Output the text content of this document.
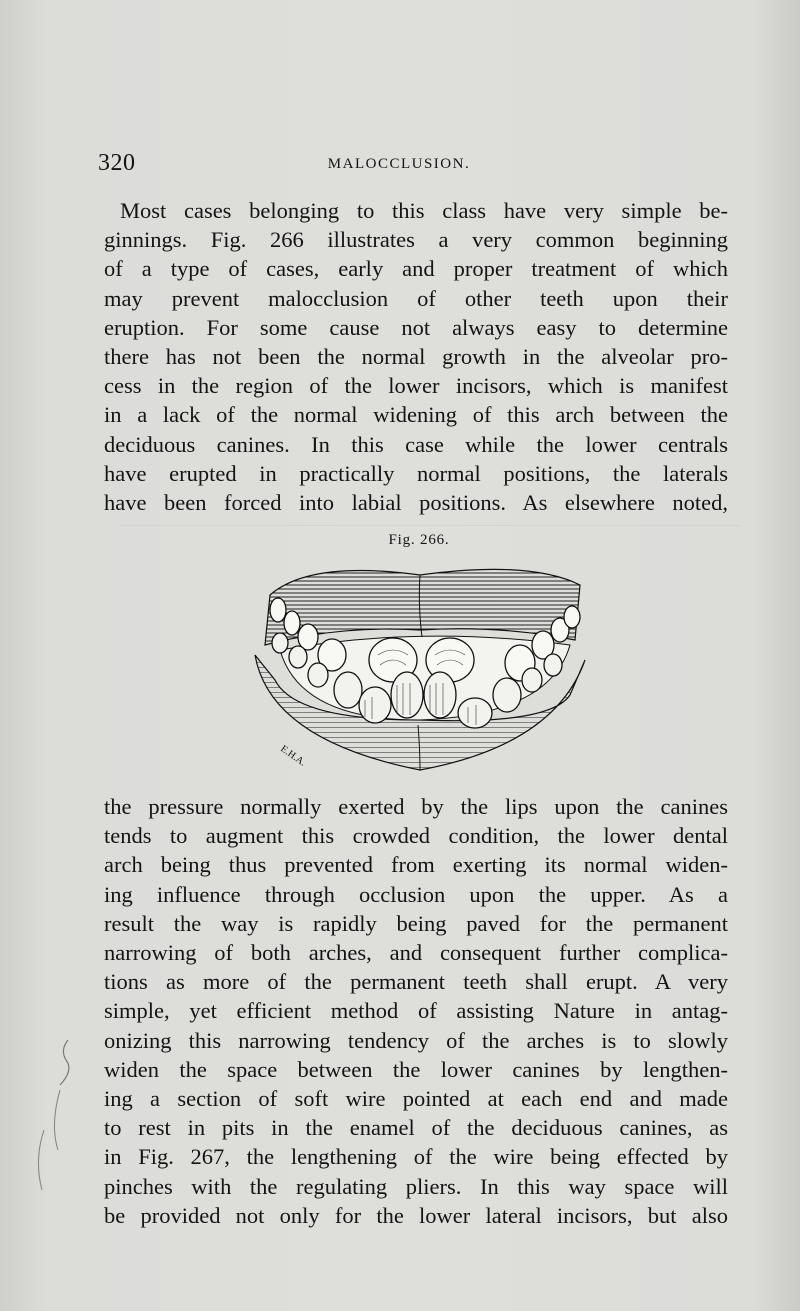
320	MALOCCLUSION.
Most cases belonging to this class have very simple be-
ginnings. Fig. 266 illustrates a very common beginning
of a type of cases, early and proper treatment of which
may prevent malocclusion of other teeth upon their
eruption. For some cause not always easy to determine
there has not been the normal growth in the alveolar pro-
cess in the region of the lower incisors, which is manifest
in a lack of the normal widening of this arch between the
deciduous canines. In this case while the lower centrals
have erupted in practically normal positions, the laterals
have been forced into labial positions. As elsewhere noted,
Fig. 266.
E.H.A.
the pressure normally exerted by the lips upon the canines
tends to augment this crowded condition, the lower dental
arch being thus prevented from exerting its normal widen-
ing influence through occlusion upon the upper. As a
result the way is rapidly being paved for the permanent
narrowing of both arches, and consequent further complica-
tions as more of the permanent teeth shall erupt. A very
simple, yet efficient method of assisting Nature in antag-
onizing this narrowing tendency of the arches is to slowly
widen the space between the lower canines by lengthen-
ing a section of soft wire pointed at each end and made
to rest in pits in the enamel of the deciduous canines, as
in Fig. 267, the lengthening of the wire being effected by
pinches with the regulating pliers. In this way space will
be provided not only for the lower lateral incisors, but also
